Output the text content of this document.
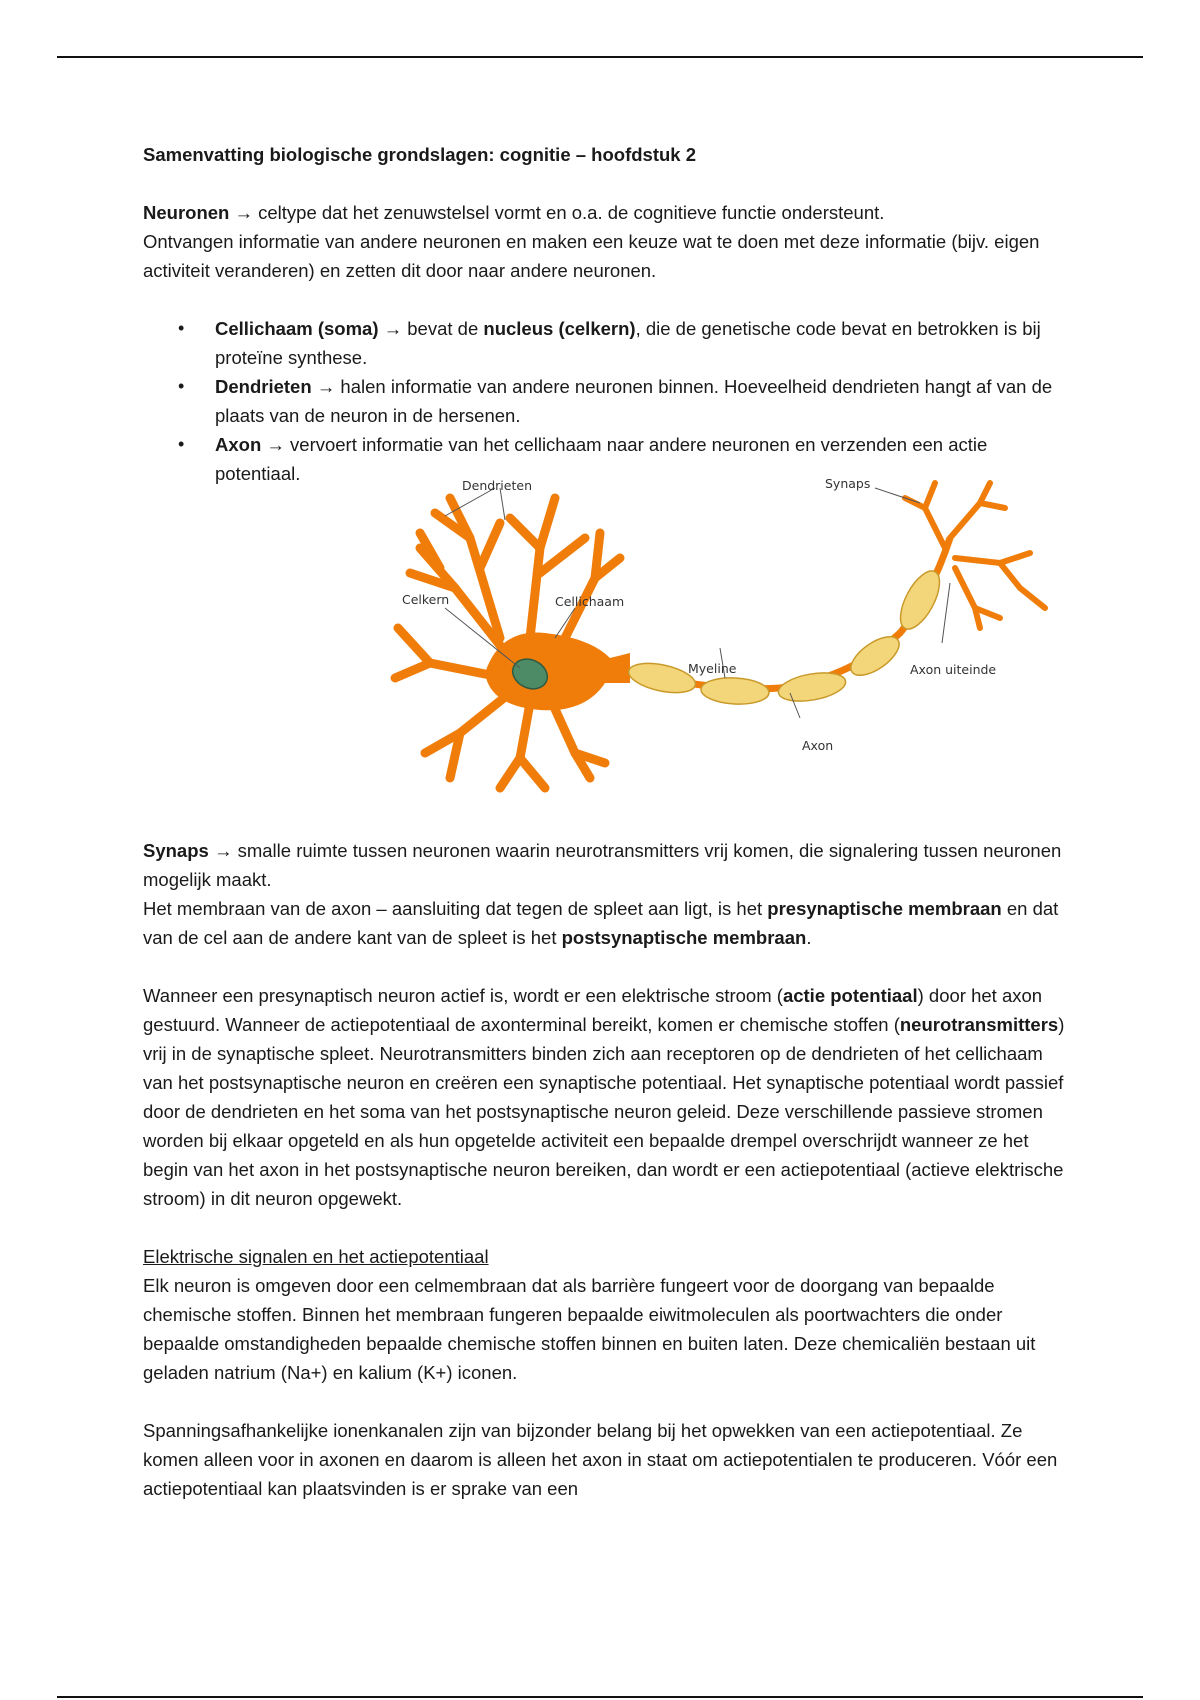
Samenvatting biologische grondslagen: cognitie – hoofdstuk 2

Neuronen → celtype dat het zenuwstelsel vormt en o.a. de cognitieve functie ondersteunt.
Ontvangen informatie van andere neuronen en maken een keuze wat te doen met deze informatie (bijv. eigen activiteit veranderen) en zetten dit door naar andere neuronen.

• Cellichaam (soma) → bevat de nucleus (celkern), die de genetische code bevat en betrokken is bij proteïne synthese.
• Dendrieten → halen informatie van andere neuronen binnen. Hoeveelheid dendrieten hangt af van de plaats van de neuron in de hersenen.
• Axon → vervoert informatie van het cellichaam naar andere neuronen en verzenden een actie potentiaal.

Synaps → smalle ruimte tussen neuronen waarin neurotransmitters vrij komen, die signalering tussen neuronen mogelijk maakt.
Het membraan van de axon – aansluiting dat tegen de spleet aan ligt, is het presynaptische membraan en dat van de cel aan de andere kant van de spleet is het postsynaptische membraan.

Wanneer een presynaptisch neuron actief is, wordt er een elektrische stroom (actie potentiaal) door het axon gestuurd. Wanneer de actiepotentiaal de axonterminal bereikt, komen er chemische stoffen (neurotransmitters) vrij in de synaptische spleet. Neurotransmitters binden zich aan receptoren op de dendrieten of het cellichaam van het postsynaptische neuron en creëren een synaptische potentiaal. Het synaptische potentiaal wordt passief door de dendrieten en het soma van het postsynaptische neuron geleid. Deze verschillende passieve stromen worden bij elkaar opgeteld en als hun opgetelde activiteit een bepaalde drempel overschrijdt wanneer ze het begin van het axon in het postsynaptische neuron bereiken, dan wordt er een actiepotentiaal (actieve elektrische stroom) in dit neuron opgewekt.

Elektrische signalen en het actiepotentiaal

Elk neuron is omgeven door een celmembraan dat als barrière fungeert voor de doorgang van bepaalde chemische stoffen. Binnen het membraan fungeren bepaalde eiwitmoleculen als poortwachters die onder bepaalde omstandigheden bepaalde chemische stoffen binnen en buiten laten. Deze chemicaliën bestaan uit geladen natrium (Na+) en kalium (K+) iconen.

Spanningsafhankelijke ionenkanalen zijn van bijzonder belang bij het opwekken van een actiepotentiaal. Ze komen alleen voor in axonen en daarom is alleen het axon in staat om actiepotentialen te produceren. Vóór een actiepotentiaal kan plaatsvinden is er sprake van een

Dendrieten	Synaps
Celkern	Cellichaam
Myeline	Axon uiteinde
Axon
